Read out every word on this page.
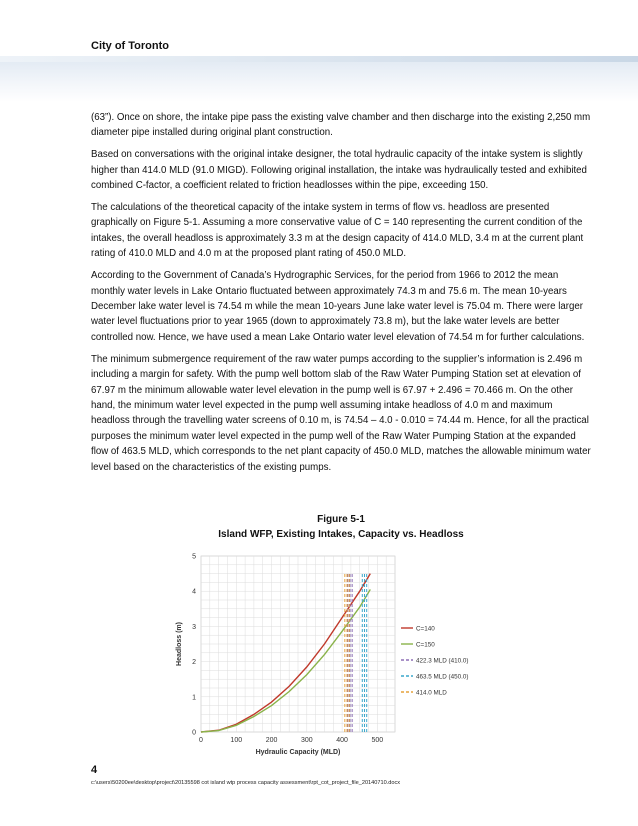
City of Toronto

(63”). Once on shore, the intake pipe pass the existing valve chamber and then discharge into the existing 2,250 mm diameter pipe installed during original plant construction.

Based on conversations with the original intake designer, the total hydraulic capacity of the intake system is slightly higher than 414.0 MLD (91.0 MIGD). Following original installation, the intake was hydraulically tested and exhibited combined C-factor, a coefficient related to friction headlosses within the pipe, exceeding 150.

The calculations of the theoretical capacity of the intake system in terms of flow vs. headloss are presented graphically on Figure 5-1. Assuming a more conservative value of C = 140 representing the current condition of the intakes, the overall headloss is approximately 3.3 m at the design capacity of 414.0 MLD, 3.4 m at the current plant rating of 410.0 MLD and 4.0 m at the proposed plant rating of 450.0 MLD.

According to the Government of Canada’s Hydrographic Services, for the period from 1966 to 2012 the mean monthly water levels in Lake Ontario fluctuated between approximately 74.3 m and 75.6 m. The mean 10-years December lake water level is 74.54 m while the mean 10-years June lake water level is 75.04 m. There were larger water level fluctuations prior to year 1965 (down to approximately 73.8 m), but the lake water levels are better controlled now. Hence, we have used a mean Lake Ontario water level elevation of 74.54 m for further calculations.

The minimum submergence requirement of the raw water pumps according to the supplier’s information is 2.496 m including a margin for safety. With the pump well bottom slab of the Raw Water Pumping Station set at elevation of 67.97 m the minimum allowable water level elevation in the pump well is 67.97 + 2.496 = 70.466 m. On the other hand, the minimum water level expected in the pump well assuming intake headloss of 4.0 m and maximum headloss through the travelling water screens of 0.10 m, is 74.54 – 4.0 - 0.010 = 74.44 m. Hence, for all the practical purposes the minimum water level expected in the pump well of the Raw Water Pumping Station at the expanded flow of 463.5 MLD, which corresponds to the net plant capacity of 450.0 MLD, matches the allowable minimum water level based on the characteristics of the existing pumps.

Figure 5-1
Island WFP, Existing Intakes, Capacity vs. Headloss
0	100	200	300	400	500
0
1
2
3
4
5
Hydraulic Capacity (MLD)
Headloss (m)	C=140
C=150
422.3 MLD (410.0)
463.5 MLD (450.0)
414.0 MLD
4
c:\users\50200ee\desktop\project\20135598 cot island wtp process capacity assessment\rpt_cot_project_file_20140710.docx
